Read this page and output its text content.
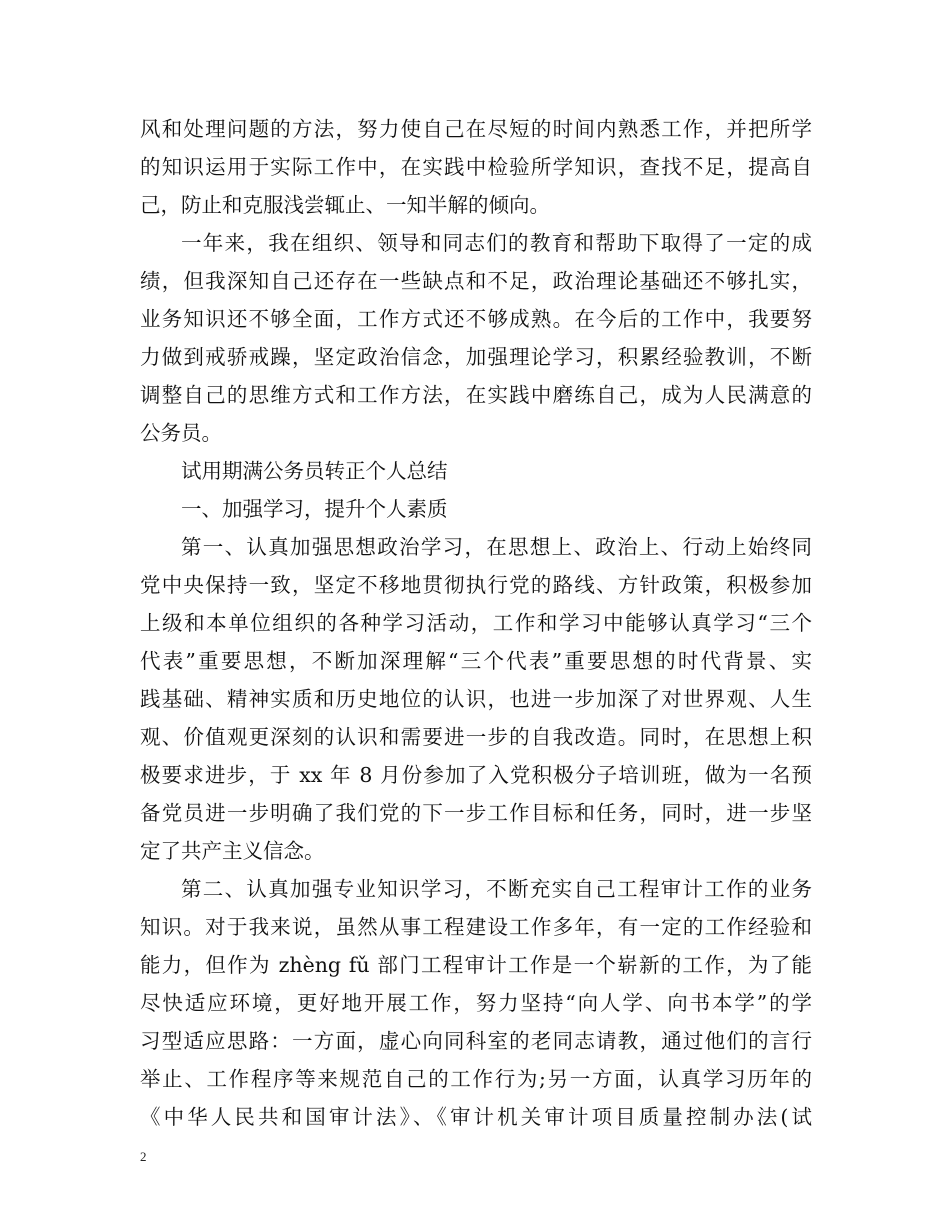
风和处理问题的方法，努力使自己在尽短的时间内熟悉工作，并把所学
的知识运用于实际工作中，在实践中检验所学知识，查找不足，提高自
己，防止和克服浅尝辄止、一知半解的倾向。
一年来，我在组织、领导和同志们的教育和帮助下取得了一定的成
绩，但我深知自己还存在一些缺点和不足，政治理论基础还不够扎实，
业务知识还不够全面，工作方式还不够成熟。在今后的工作中，我要努
力做到戒骄戒躁，坚定政治信念，加强理论学习，积累经验教训，不断
调整自己的思维方式和工作方法，在实践中磨练自己，成为人民满意的
公务员。
试用期满公务员转正个人总结
一、加强学习，提升个人素质
第一、认真加强思想政治学习，在思想上、政治上、行动上始终同
党中央保持一致，坚定不移地贯彻执行党的路线、方针政策，积极参加
上级和本单位组织的各种学习活动，工作和学习中能够认真学习“三个
代表”重要思想，不断加深理解“三个代表”重要思想的时代背景、实
践基础、精神实质和历史地位的认识，也进一步加深了对世界观、人生
观、价值观更深刻的认识和需要进一步的自我改造。同时，在思想上积
极要求进步，于 xx 年 8 月份参加了入党积极分子培训班，做为一名预
备党员进一步明确了我们党的下一步工作目标和任务，同时，进一步坚
定了共产主义信念。
第二、认真加强专业知识学习，不断充实自己工程审计工作的业务
知识。对于我来说，虽然从事工程建设工作多年，有一定的工作经验和
能力，但作为 zhèng fǔ 部门工程审计工作是一个崭新的工作，为了能
尽快适应环境，更好地开展工作，努力坚持“向人学、向书本学”的学
习型适应思路：一方面，虚心向同科室的老同志请教，通过他们的言行
举止、工作程序等来规范自己的工作行为;另一方面，认真学习历年的
《中华人民共和国审计法》、《审计机关审计项目质量控制办法(试
2
